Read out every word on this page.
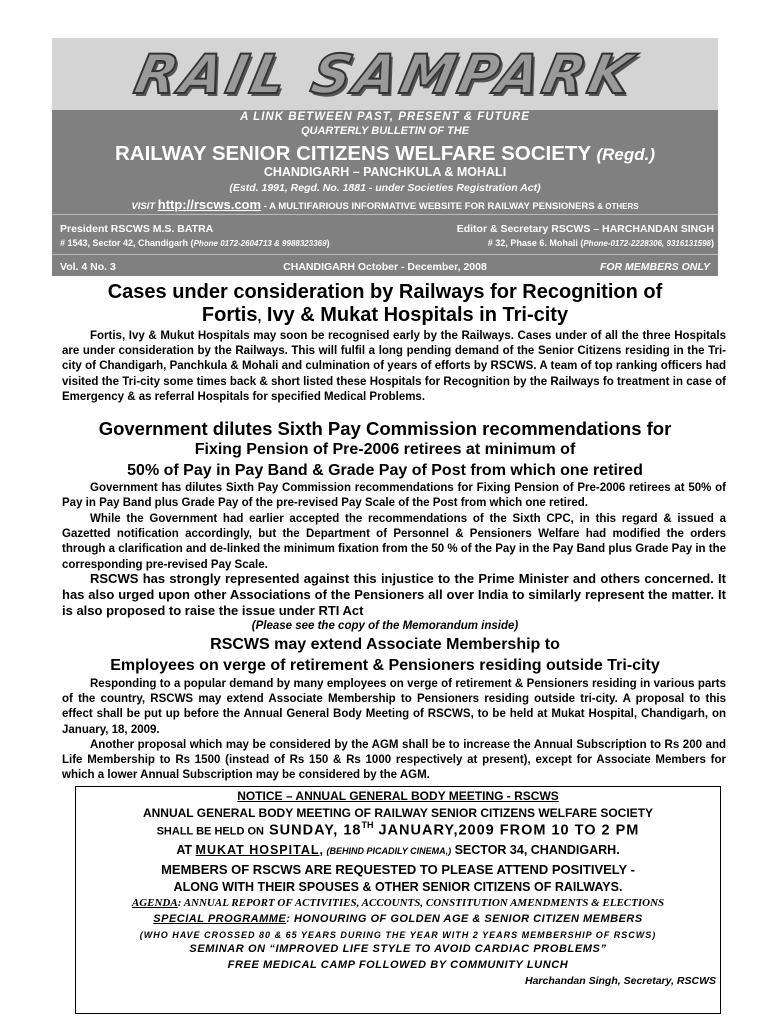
RAIL SAMPARK
A LINK BETWEEN PAST, PRESENT & FUTURE
QUARTERLY BULLETIN OF THE
RAILWAY SENIOR CITIZENS WELFARE SOCIETY (Regd.)
CHANDIGARH – PANCHKULA & MOHALI
(Estd. 1991, Regd. No. 1881 - under Societies Registration Act)
VISIT http://rscws.com - A MULTIFARIOUS INFORMATIVE WEBSITE FOR RAILWAY PENSIONERS & OTHERS
President RSCWS M.S. BATRA
# 1543, Sector 42, Chandigarh (Phone 0172-2604713 & 9988323369)
Editor & Secretary RSCWS – HARCHANDAN SINGH
# 32, Phase 6. Mohali (Phone-0172-2228306, 9316131598)
Vol. 4 No. 3	CHANDIGARH October - December, 2008	FOR MEMBERS ONLY
Cases under consideration by Railways for Recognition of
Fortis, Ivy & Mukat Hospitals in Tri-city
Fortis, Ivy & Mukut Hospitals may soon be recognised early by the Railways. Cases under of all the three Hospitals are under consideration by the Railways. This will fulfil a long pending demand of the Senior Citizens residing in the Tri-city of Chandigarh, Panchkula & Mohali and culmination of years of efforts by RSCWS. A team of top ranking officers had visited the Tri-city some times back & short listed these Hospitals for Recognition by the Railways fo treatment in case of Emergency & as referral Hospitals for specified Medical Problems.
Government dilutes Sixth Pay Commission recommendations for
Fixing Pension of Pre-2006 retirees at minimum of
50% of Pay in Pay Band & Grade Pay of Post from which one retired
Government has dilutes Sixth Pay Commission recommendations for Fixing Pension of Pre-2006 retirees at 50% of Pay in Pay Band plus Grade Pay of the pre-revised Pay Scale of the Post from which one retired.
While the Government had earlier accepted the recommendations of the Sixth CPC, in this regard & issued a Gazetted notification accordingly, but the Department of Personnel & Pensioners Welfare had modified the orders through a clarification and de-linked the minimum fixation from the 50 % of the Pay in the Pay Band plus Grade Pay in the corresponding pre-revised Pay Scale.
RSCWS has strongly represented against this injustice to the Prime Minister and others concerned. It has also urged upon other Associations of the Pensioners all over India to similarly represent the matter. It is also proposed to raise the issue under RTI Act
(Please see the copy of the Memorandum inside)
RSCWS may extend Associate Membership to
Employees on verge of retirement & Pensioners residing outside Tri-city
Responding to a popular demand by many employees on verge of retirement & Pensioners residing in various parts of the country, RSCWS may extend Associate Membership to Pensioners residing outside tri-city. A proposal to this effect shall be put up before the Annual General Body Meeting of RSCWS, to be held at Mukat Hospital, Chandigarh, on January, 18, 2009.
Another proposal which may be considered by the AGM shall be to increase the Annual Subscription to Rs 200 and Life Membership to Rs 1500 (instead of Rs 150 & Rs 1000 respectively at present), except for Associate Members for which a lower Annual Subscription may be considered by the AGM.
NOTICE – ANNUAL GENERAL BODY MEETING - RSCWS
ANNUAL GENERAL BODY MEETING OF RAILWAY SENIOR CITIZENS WELFARE SOCIETY
SHALL BE HELD ON SUNDAY, 18TH JANUARY,2009 FROM 10 TO 2 PM
AT MUKAT HOSPITAL, (BEHIND PICADILY CINEMA,) SECTOR 34, CHANDIGARH.
MEMBERS OF RSCWS ARE REQUESTED TO PLEASE ATTEND POSITIVELY -
ALONG WITH THEIR SPOUSES & OTHER SENIOR CITIZENS OF RAILWAYS.
AGENDA: ANNUAL REPORT OF ACTIVITIES, ACCOUNTS, CONSTITUTION AMENDMENTS & ELECTIONS
SPECIAL PROGRAMME: HONOURING OF GOLDEN AGE & SENIOR CITIZEN MEMBERS
(WHO HAVE CROSSED 80 & 65 YEARS DURING THE YEAR WITH 2 YEARS MEMBERSHIP OF RSCWS)
SEMINAR ON “IMPROVED LIFE STYLE TO AVOID CARDIAC PROBLEMS”
FREE MEDICAL CAMP FOLLOWED BY COMMUNITY LUNCH
Harchandan Singh, Secretary, RSCWS
